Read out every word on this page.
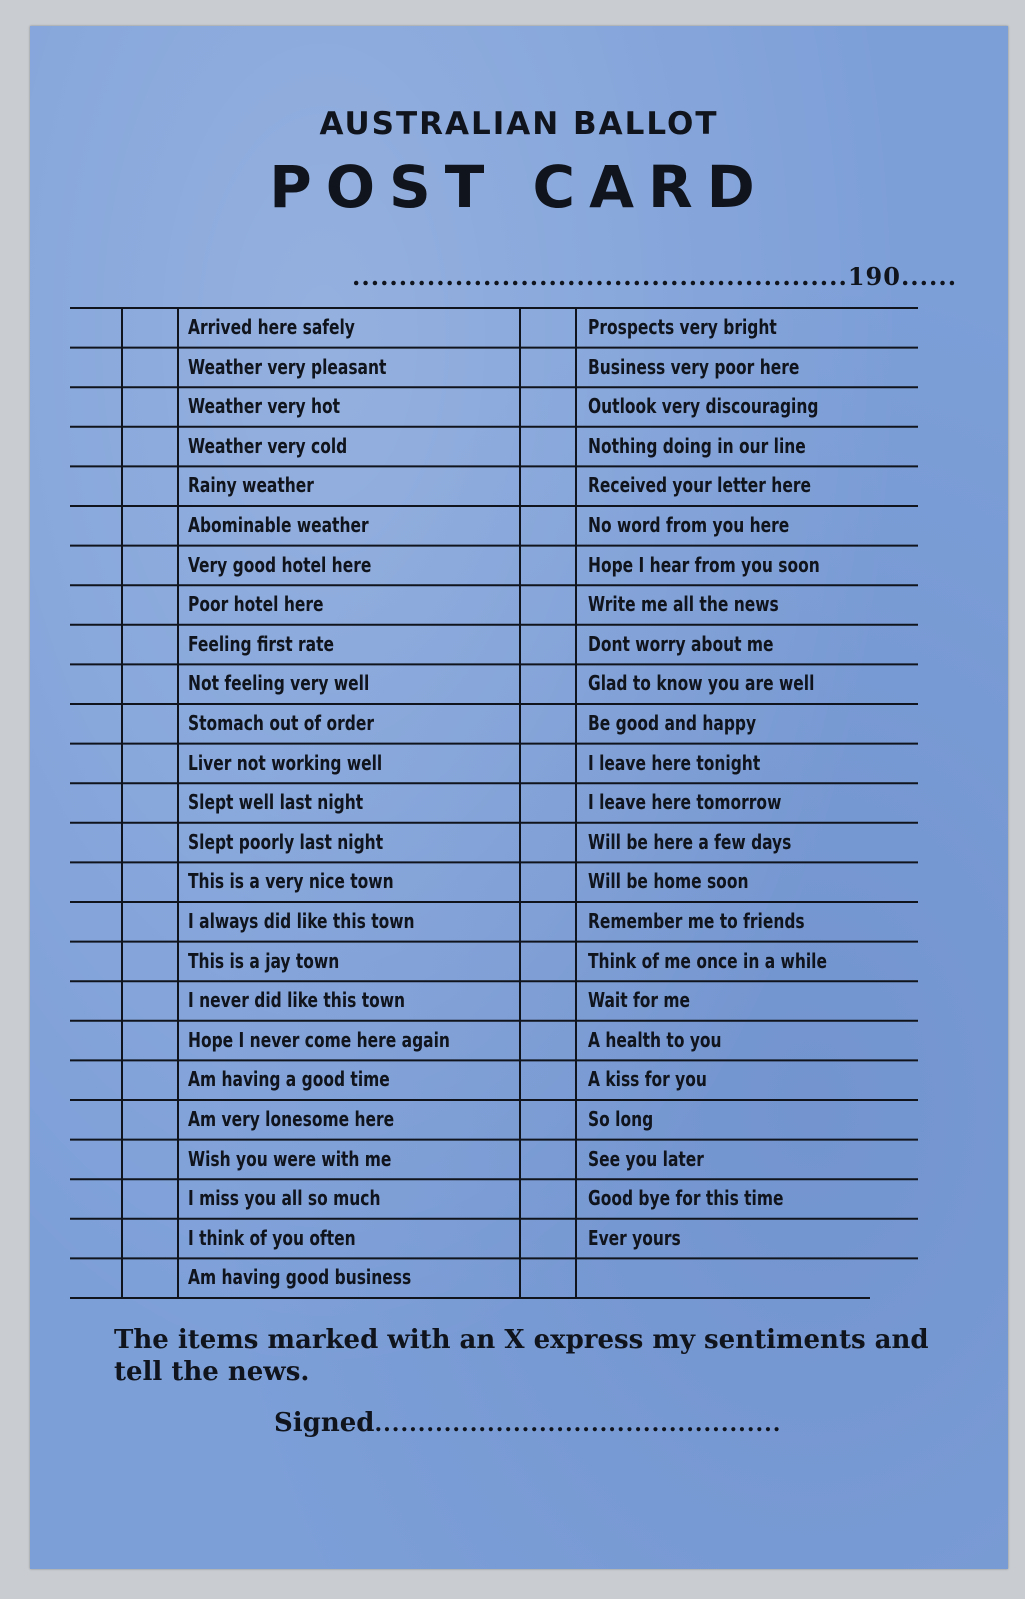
AUSTRALIAN BALLOT
POST CARD
.....................................................190......
Arrived here safely
Weather very pleasant
Weather very hot
Weather very cold
Rainy weather
Abominable weather
Very good hotel here
Poor hotel here
Feeling first rate
Not feeling very well
Stomach out of order
Liver not working well
Slept well last night
Slept poorly last night
This is a very nice town
I always did like this town
This is a jay town
I never did like this town
Hope I never come here again
Am having a good time
Am very lonesome here
Wish you were with me
I miss you all so much
I think of you often
Am having good business
Prospects very bright
Business very poor here
Outlook very discouraging
Nothing doing in our line
Received your letter here
No word from you here
Hope I hear from you soon
Write me all the news
Dont worry about me
Glad to know you are well
Be good and happy
I leave here tonight
I leave here tomorrow
Will be here a few days
Will be home soon
Remember me to friends
Think of me once in a while
Wait for me
A health to you
A kiss for you
So long
See you later
Good bye for this time
Ever yours
The items marked with an X express my sentiments and tell the news.
Signed...............................................
